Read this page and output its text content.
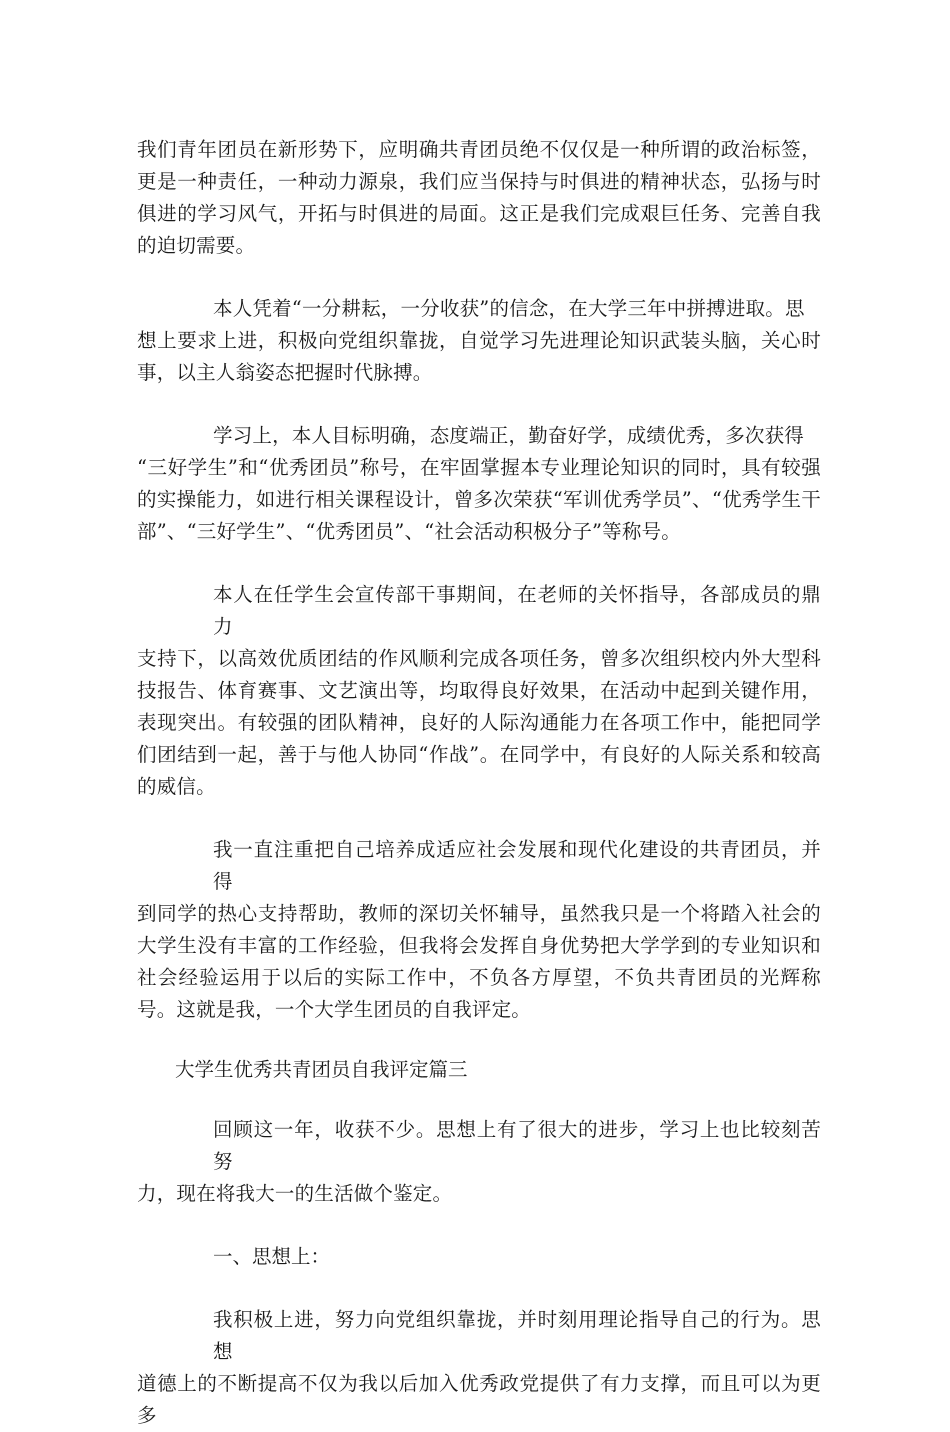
我们青年团员在新形势下，应明确共青团员绝不仅仅是一种所谓的政治标签，更是一种责任，一种动力源泉，我们应当保持与时俱进的精神状态，弘扬与时俱进的学习风气，开拓与时俱进的局面。这正是我们完成艰巨任务、完善自我的迫切需要。

本人凭着“一分耕耘，一分收获”的信念，在大学三年中拼搏进取。思
想上要求上进，积极向党组织靠拢，自觉学习先进理论知识武装头脑，关心时事，以主人翁姿态把握时代脉搏。

学习上，本人目标明确，态度端正，勤奋好学，成绩优秀，多次获得
“三好学生”和“优秀团员”称号，在牢固掌握本专业理论知识的同时，具有较强的实操能力，如进行相关课程设计，曾多次荣获“军训优秀学员”、“优秀学生干部”、“三好学生”、“优秀团员”、“社会活动积极分子”等称号。

本人在任学生会宣传部干事期间，在老师的关怀指导，各部成员的鼎力
支持下，以高效优质团结的作风顺利完成各项任务，曾多次组织校内外大型科技报告、体育赛事、文艺演出等，均取得良好效果，在活动中起到关键作用，表现突出。有较强的团队精神，良好的人际沟通能力在各项工作中，能把同学们团结到一起，善于与他人协同“作战”。在同学中，有良好的人际关系和较高的威信。

我一直注重把自己培养成适应社会发展和现代化建设的共青团员，并得
到同学的热心支持帮助，教师的深切关怀辅导，虽然我只是一个将踏入社会的大学生没有丰富的工作经验，但我将会发挥自身优势把大学学到的专业知识和社会经验运用于以后的实际工作中，不负各方厚望，不负共青团员的光辉称号。这就是我，一个大学生团员的自我评定。

大学生优秀共青团员自我评定篇三

回顾这一年，收获不少。思想上有了很大的进步，学习上也比较刻苦努
力，现在将我大一的生活做个鉴定。

一、思想上：

我积极上进，努力向党组织靠拢，并时刻用理论指导自己的行为。思想
道德上的不断提高不仅为我以后加入优秀政党提供了有力支撑，而且可以为更多
